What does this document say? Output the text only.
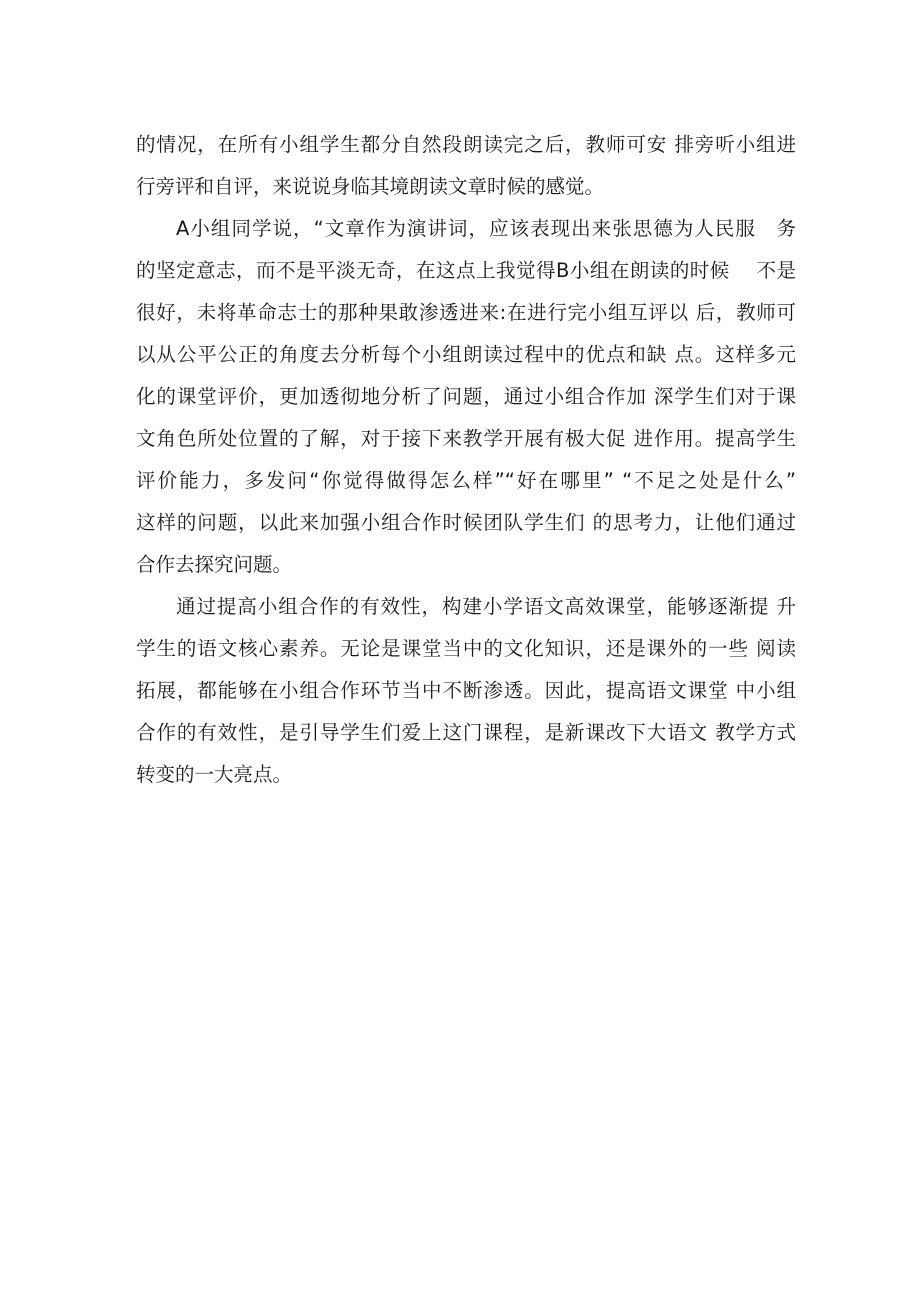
的情况，在所有小组学生都分自然段朗读完之后，教师可安 排旁听小组进
行旁评和自评，来说说身临其境朗读文章时候的感觉。
A小组同学说，“文章作为演讲词，应该表现出来张思德为人民服　务
的坚定意志，而不是平淡无奇，在这点上我觉得B小组在朗读的时候　 不是
很好，未将革命志士的那种果敢渗透进来:在进行完小组互评以 后，教师可
以从公平公正的角度去分析每个小组朗读过程中的优点和缺 点。这样多元
化的课堂评价，更加透彻地分析了问题，通过小组合作加 深学生们对于课
文角色所处位置的了解，对于接下来教学开展有极大促 进作用。提高学生
评价能力，多发问“你觉得做得怎么样”“好在哪里” “不足之处是什么”
这样的问题，以此来加强小组合作时候团队学生们 的思考力，让他们通过
合作去探究问题。
通过提高小组合作的有效性，构建小学语文高效课堂，能够逐渐提 升
学生的语文核心素养。无论是课堂当中的文化知识，还是课外的一些 阅读
拓展，都能够在小组合作环节当中不断渗透。因此，提高语文课堂 中小组
合作的有效性，是引导学生们爱上这门课程，是新课改下大语文 教学方式
转变的一大亮点。
